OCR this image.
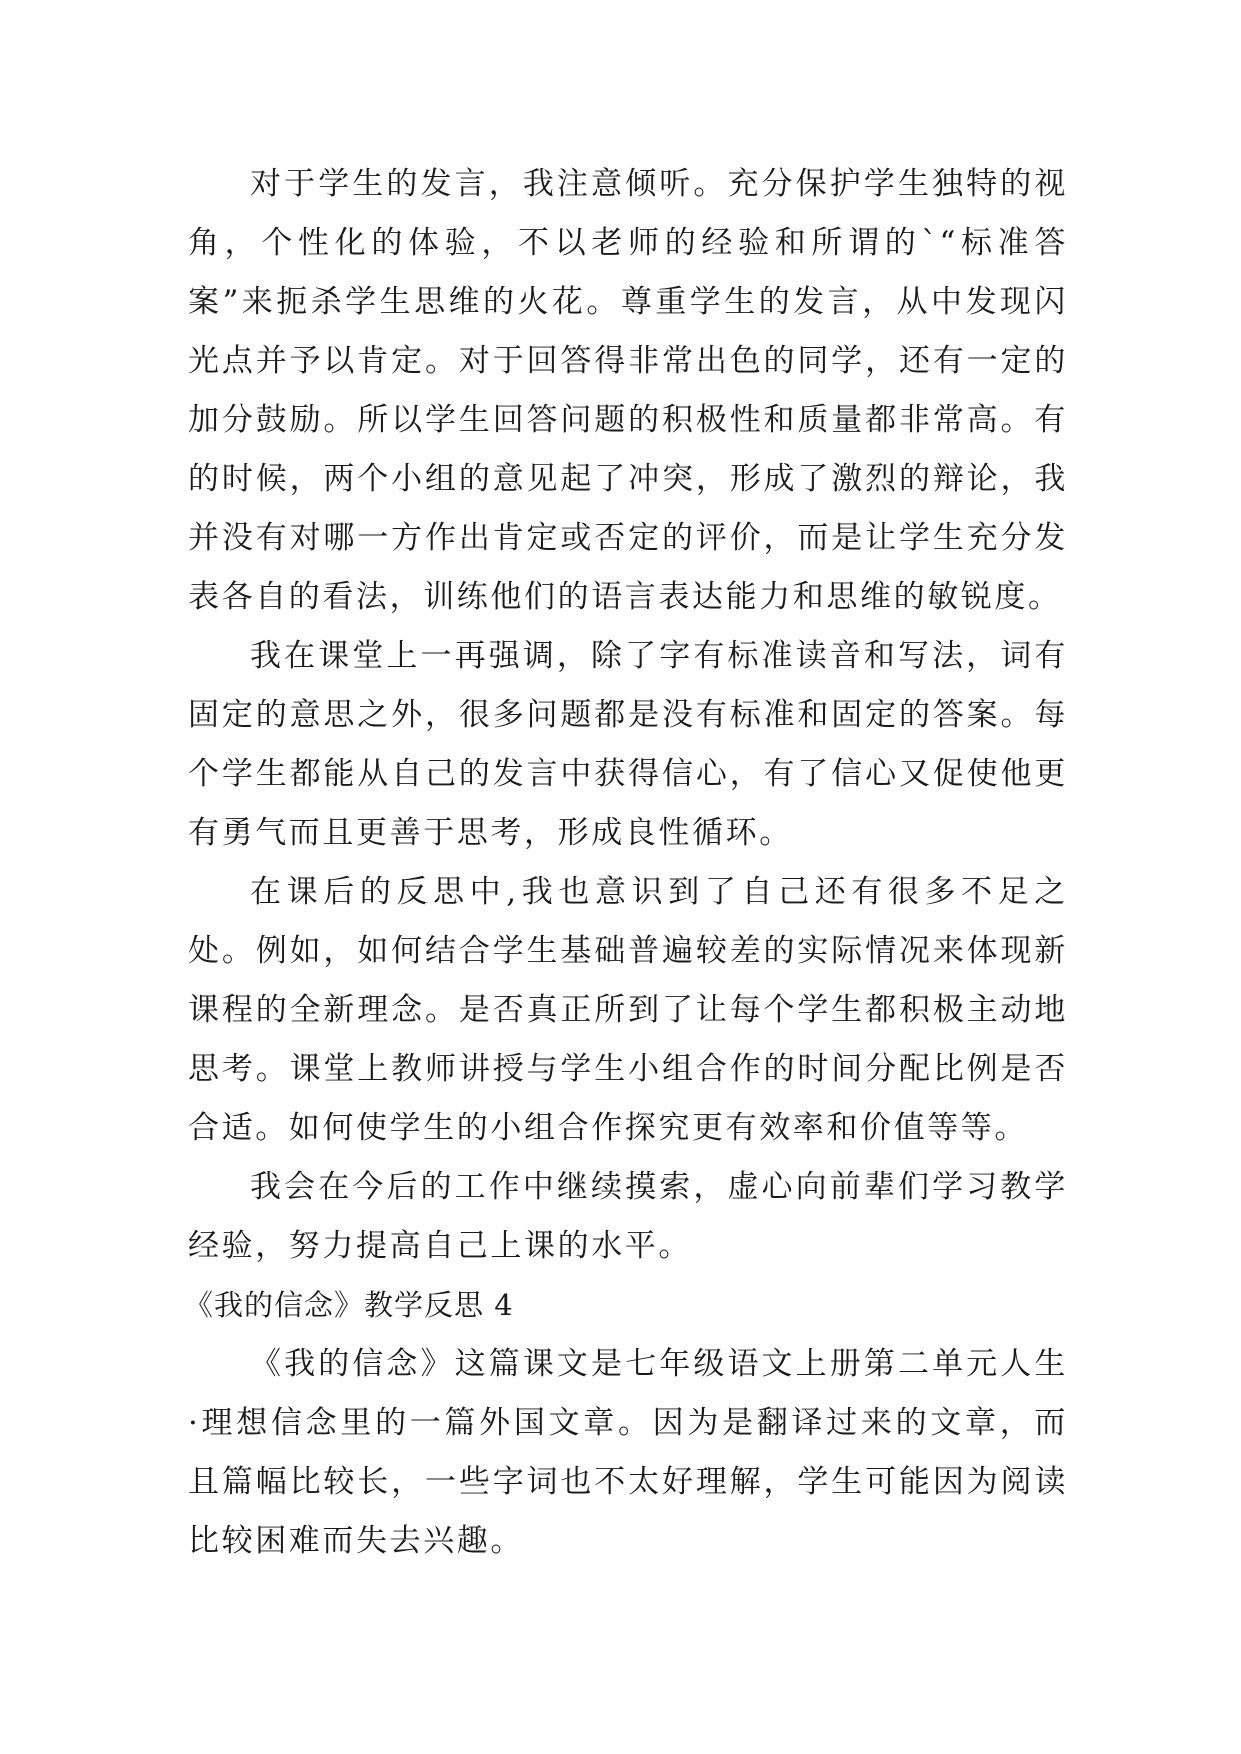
对于学生的发言，我注意倾听。充分保护学生独特的视角，个性化的体验，不以老师的经验和所谓的`“标准答案”来扼杀学生思维的火花。尊重学生的发言，从中发现闪光点并予以肯定。对于回答得非常出色的同学，还有一定的加分鼓励。所以学生回答问题的积极性和质量都非常高。有的时候，两个小组的意见起了冲突，形成了激烈的辩论，我并没有对哪一方作出肯定或否定的评价，而是让学生充分发表各自的看法，训练他们的语言表达能力和思维的敏锐度。

我在课堂上一再强调，除了字有标准读音和写法，词有固定的意思之外，很多问题都是没有标准和固定的答案。每个学生都能从自己的发言中获得信心，有了信心又促使他更有勇气而且更善于思考，形成良性循环。

在课后的反思中,我也意识到了自己还有很多不足之处。例如，如何结合学生基础普遍较差的实际情况来体现新课程的全新理念。是否真正所到了让每个学生都积极主动地思考。课堂上教师讲授与学生小组合作的时间分配比例是否合适。如何使学生的小组合作探究更有效率和价值等等。

我会在今后的工作中继续摸索，虚心向前辈们学习教学经验，努力提高自己上课的水平。

《我的信念》教学反思 4

《我的信念》这篇课文是七年级语文上册第二单元人生·理想信念里的一篇外国文章。因为是翻译过来的文章，而且篇幅比较长，一些字词也不太好理解，学生可能因为阅读比较困难而失去兴趣。
